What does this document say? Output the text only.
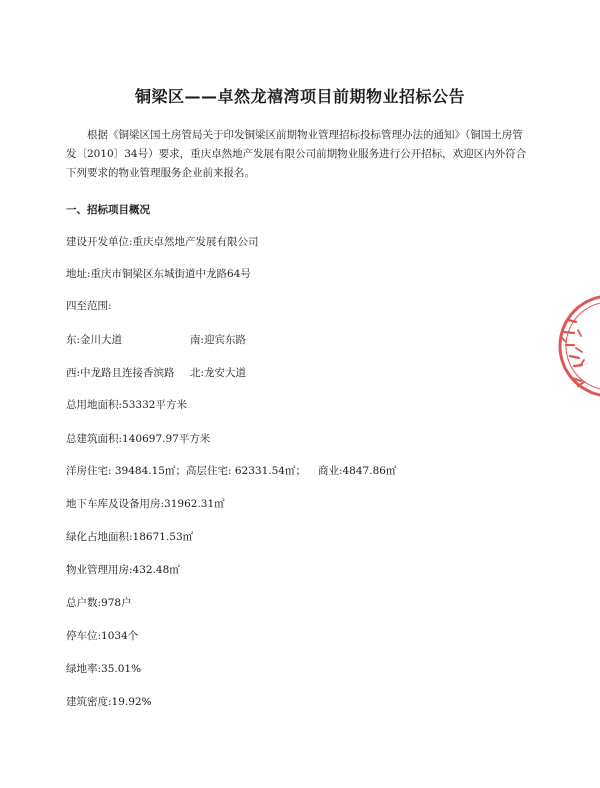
铜梁区——卓然龙禧湾项目前期物业招标公告

根据《铜梁区国土房管局关于印发铜梁区前期物业管理招标投标管理办法的通知》（铜国土房管发〔2010〕34号）要求，重庆卓然地产发展有限公司前期物业服务进行公开招标，欢迎区内外符合下列要求的物业管理服务企业前来报名。

一、招标项目概况

建设开发单位:重庆卓然地产发展有限公司

地址:重庆市铜梁区东城街道中龙路64号

四至范围:

东:金川大道	南:迎宾东路

西:中龙路且连接香滨路 北:龙安大道

总用地面积:53332平方米

总建筑面积:140697.97平方米

洋房住宅: 39484.15㎡；高层住宅: 62331.54㎡； 商业:4847.86㎡

地下车库及设备用房:31962.31㎡

绿化占地面积:18671.53㎡

物业管理用房:432.48㎡

总户数:978户

停车位:1034个

绿地率:35.01%

建筑密度:19.92%
